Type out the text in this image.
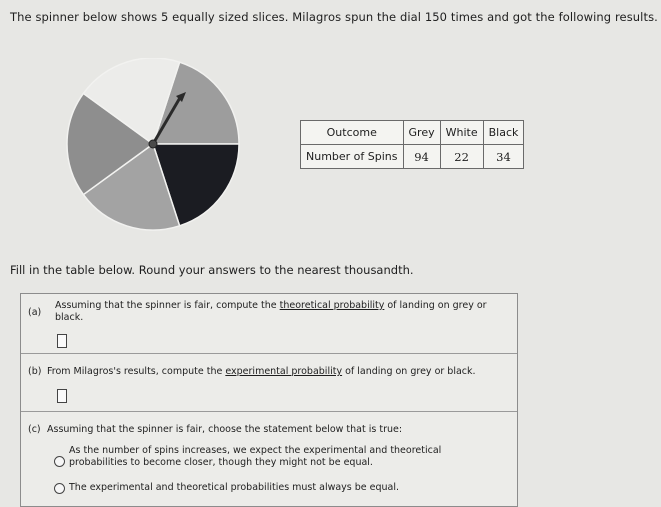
The spinner below shows 5 equally sized slices. Milagros spun the dial 150 times and got the following results.
Outcome	Grey	White	Black
Number of Spins	94	22	34
Fill in the table below. Round your answers to the nearest thousandth.
(a)
Assuming that the spinner is fair, compute the theoretical probability of landing on grey or black.
(b) From Milagros's results, compute the experimental probability of landing on grey or black.
(c) Assuming that the spinner is fair, choose the statement below that is true:
As the number of spins increases, we expect the experimental and theoretical probabilities to become closer, though they might not be equal.
The experimental and theoretical probabilities must always be equal.
